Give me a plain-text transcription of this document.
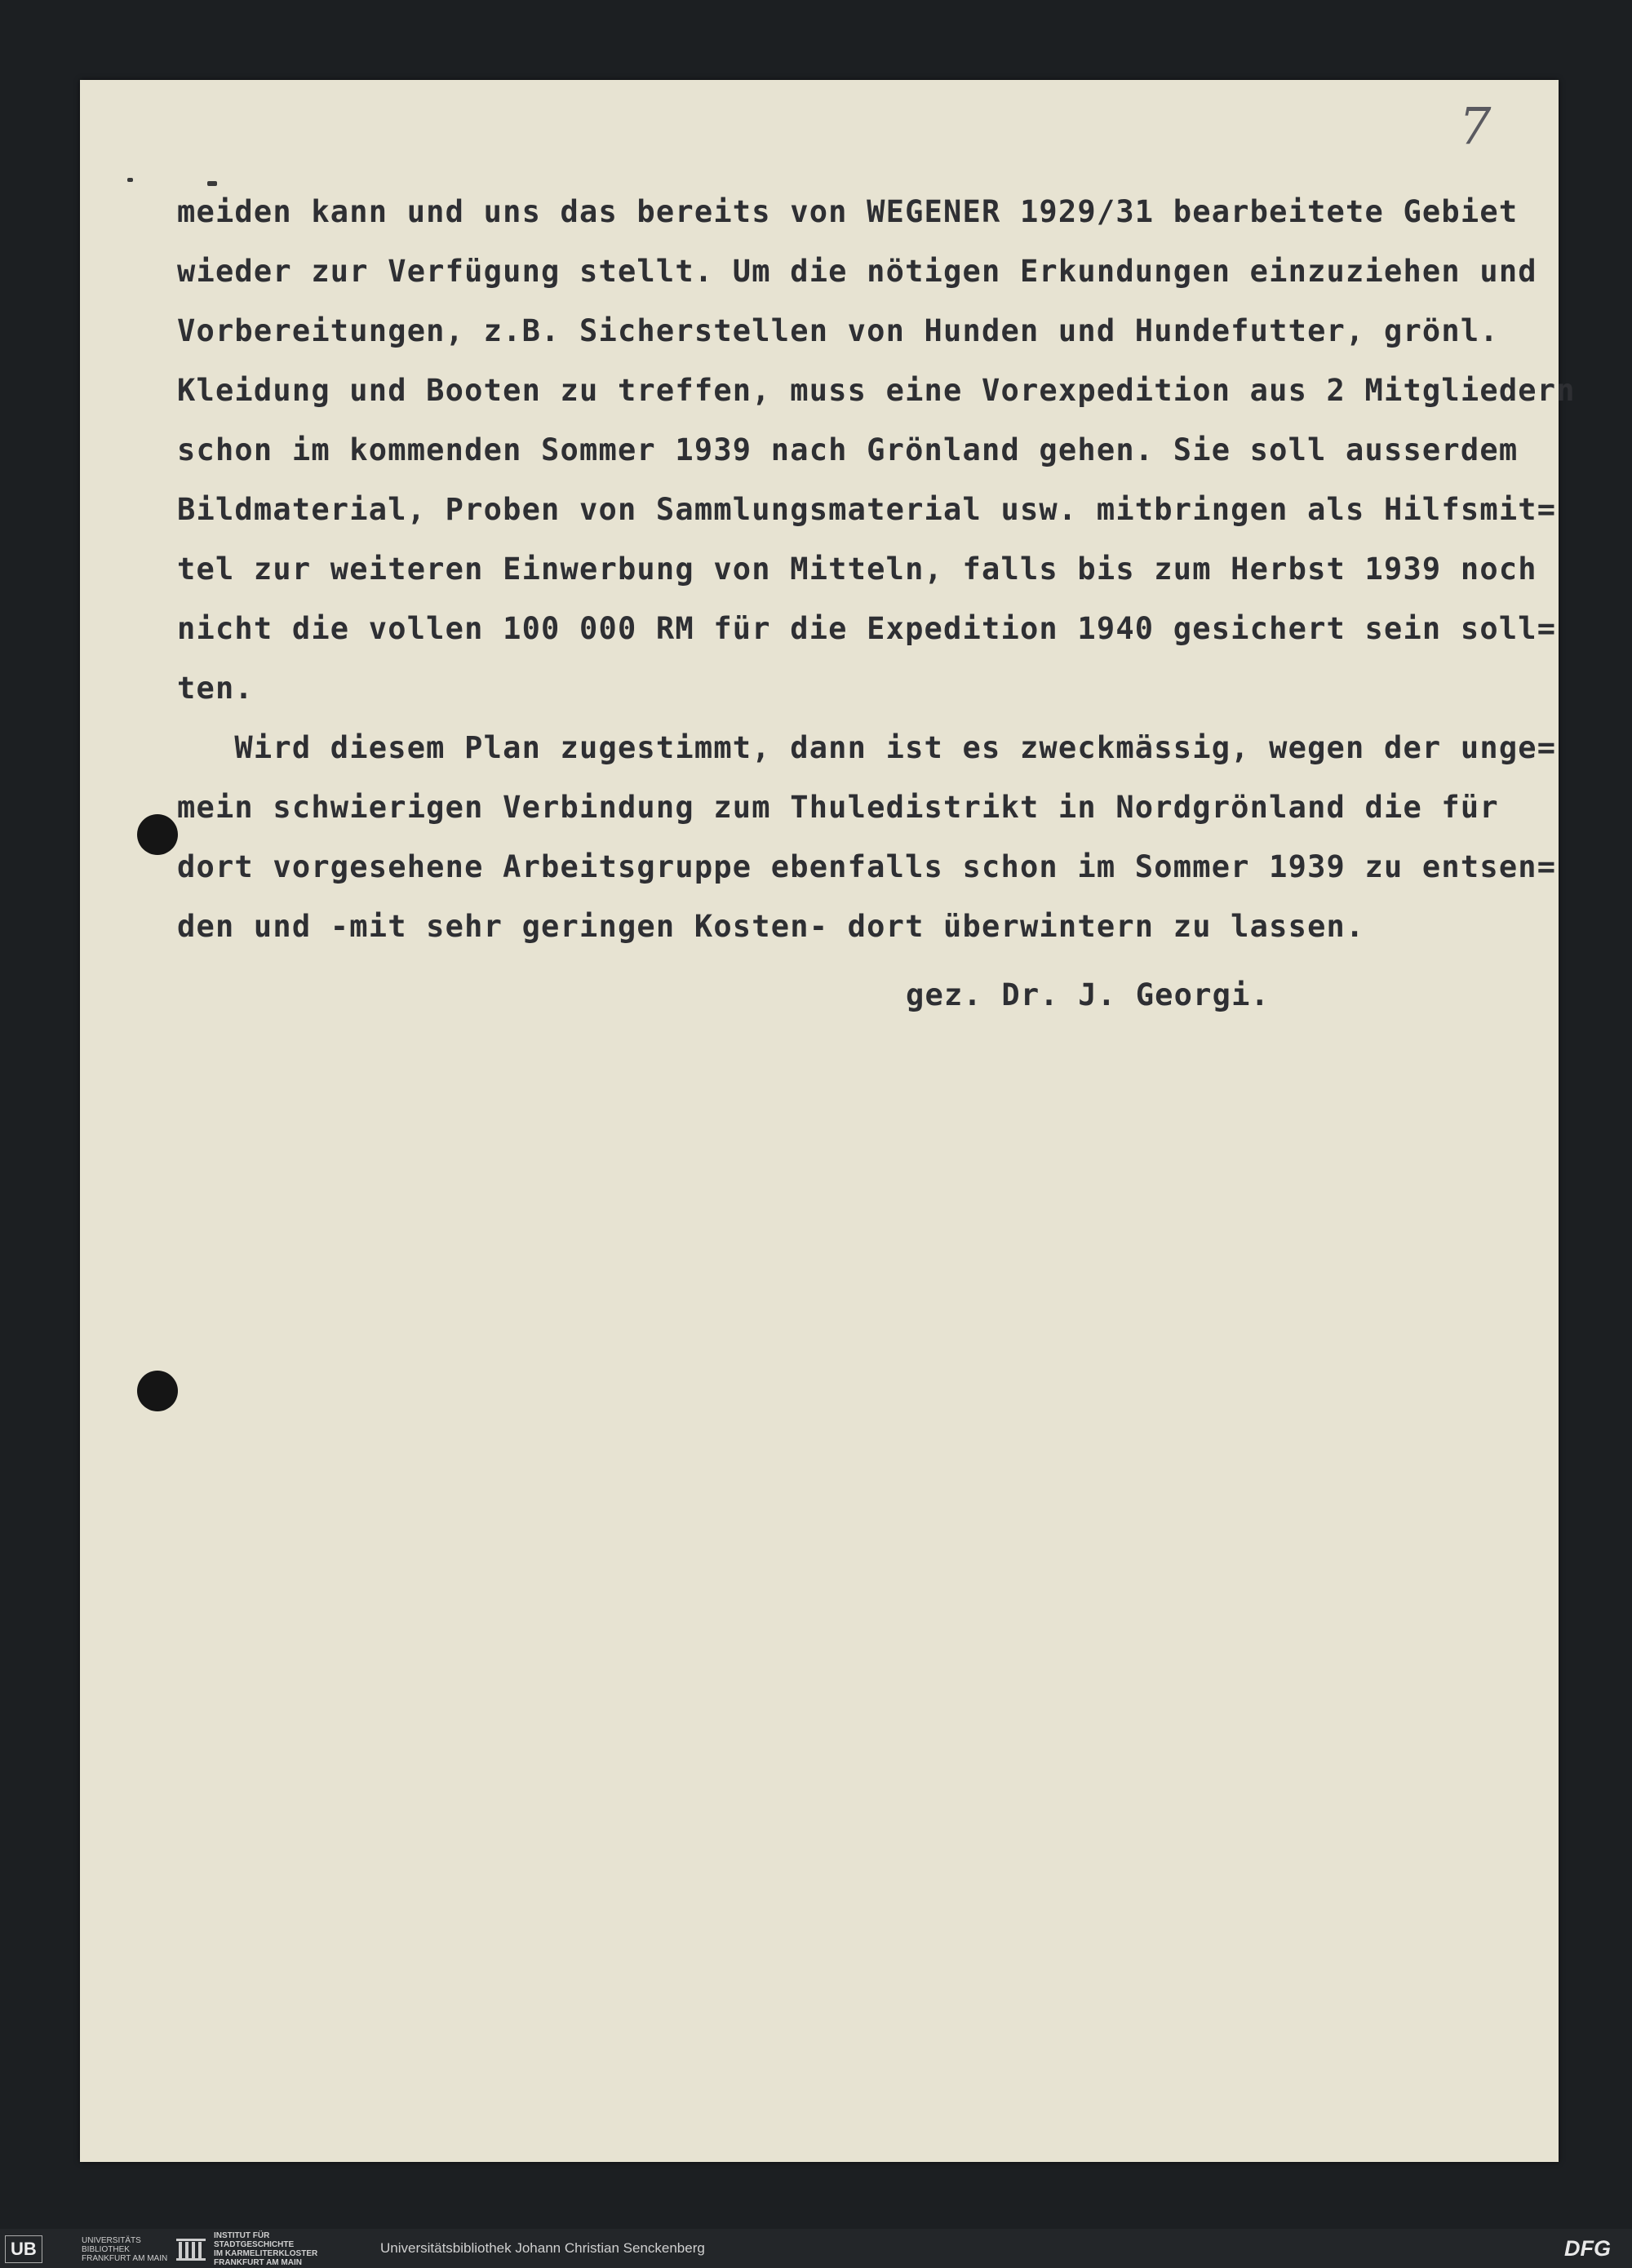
7
meiden kann und uns das bereits von WEGENER 1929/31 bearbeitete Gebiet
wieder zur Verfügung stellt. Um die nötigen Erkundungen einzuziehen und
Vorbereitungen, z.B. Sicherstellen von Hunden und Hundefutter, grönl.
Kleidung und Booten zu treffen, muss eine Vorexpedition aus 2 Mitgliedern
schon im kommenden Sommer 1939 nach Grönland gehen. Sie soll ausserdem
Bildmaterial, Proben von Sammlungsmaterial usw. mitbringen als Hilfsmit=
tel zur weiteren Einwerbung von Mitteln, falls bis zum Herbst 1939 noch
nicht die vollen 100 000 RM für die Expedition 1940 gesichert sein soll=
ten.
Wird diesem Plan zugestimmt, dann ist es zweckmässig, wegen der unge=
mein schwierigen Verbindung zum Thuledistrikt in Nordgrönland die für
dort vorgesehene Arbeitsgruppe ebenfalls schon im Sommer 1939 zu entsen=
den und -mit sehr geringen Kosten- dort überwintern zu lassen.
gez. Dr. J. Georgi.
UB	UNIVERSITÄTS
BIBLIOTHEK
FRANKFURT AM MAIN
INSTITUT FÜR
STADTGESCHICHTE
IM KARMELITERKLOSTER
FRANKFURT AM MAIN
Universitätsbibliothek Johann Christian Senckenberg	DFG
